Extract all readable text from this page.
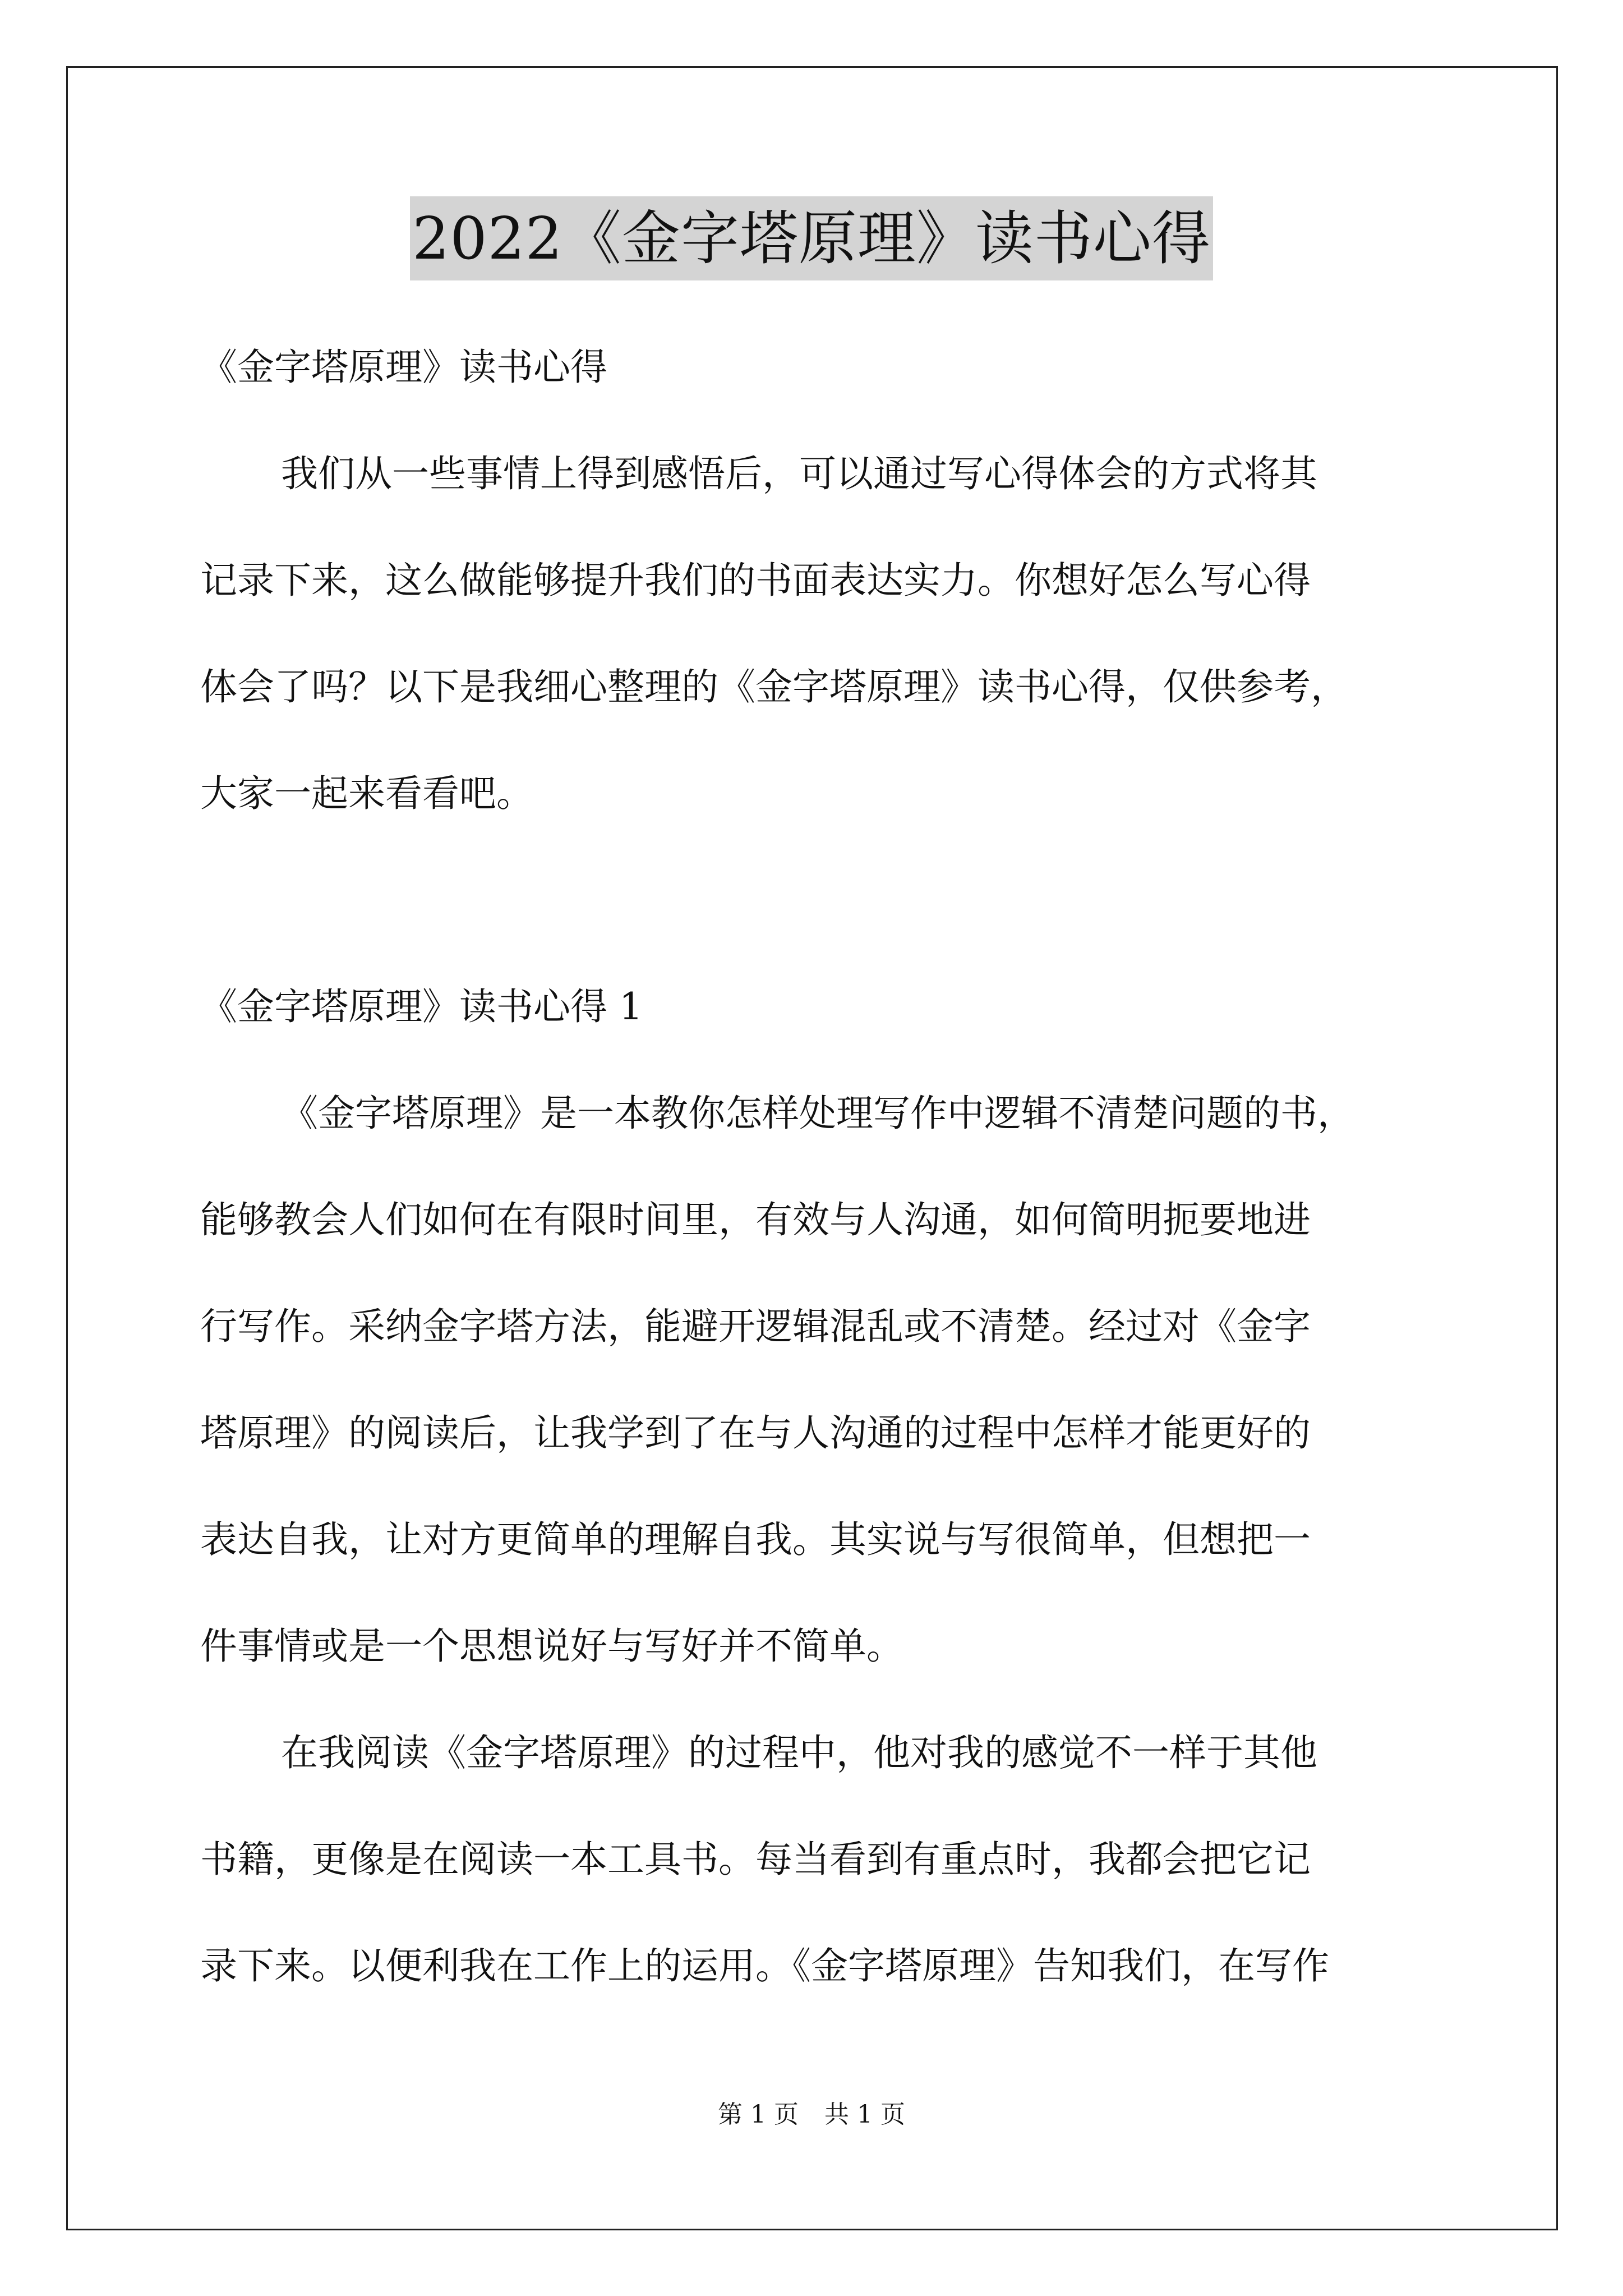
2022《金字塔原理》读书心得

《金字塔原理》读书心得

我们从一些事情上得到感悟后，可以通过写心得体会的方式将其
记录下来，这么做能够提升我们的书面表达实力。你想好怎么写心得
体会了吗？以下是我细心整理的《金字塔原理》读书心得，仅供参考，
大家一起来看看吧。

《金字塔原理》读书心得 1

《金字塔原理》是一本教你怎样处理写作中逻辑不清楚问题的书，
能够教会人们如何在有限时间里，有效与人沟通，如何简明扼要地进
行写作。采纳金字塔方法，能避开逻辑混乱或不清楚。经过对《金字
塔原理》的阅读后，让我学到了在与人沟通的过程中怎样才能更好的
表达自我，让对方更简单的理解自我。其实说与写很简单，但想把一
件事情或是一个思想说好与写好并不简单。

在我阅读《金字塔原理》的过程中，他对我的感觉不一样于其他
书籍，更像是在阅读一本工具书。每当看到有重点时，我都会把它记
录下来。以便利我在工作上的运用。《金字塔原理》告知我们，在写作

第 1 页 共 1 页
